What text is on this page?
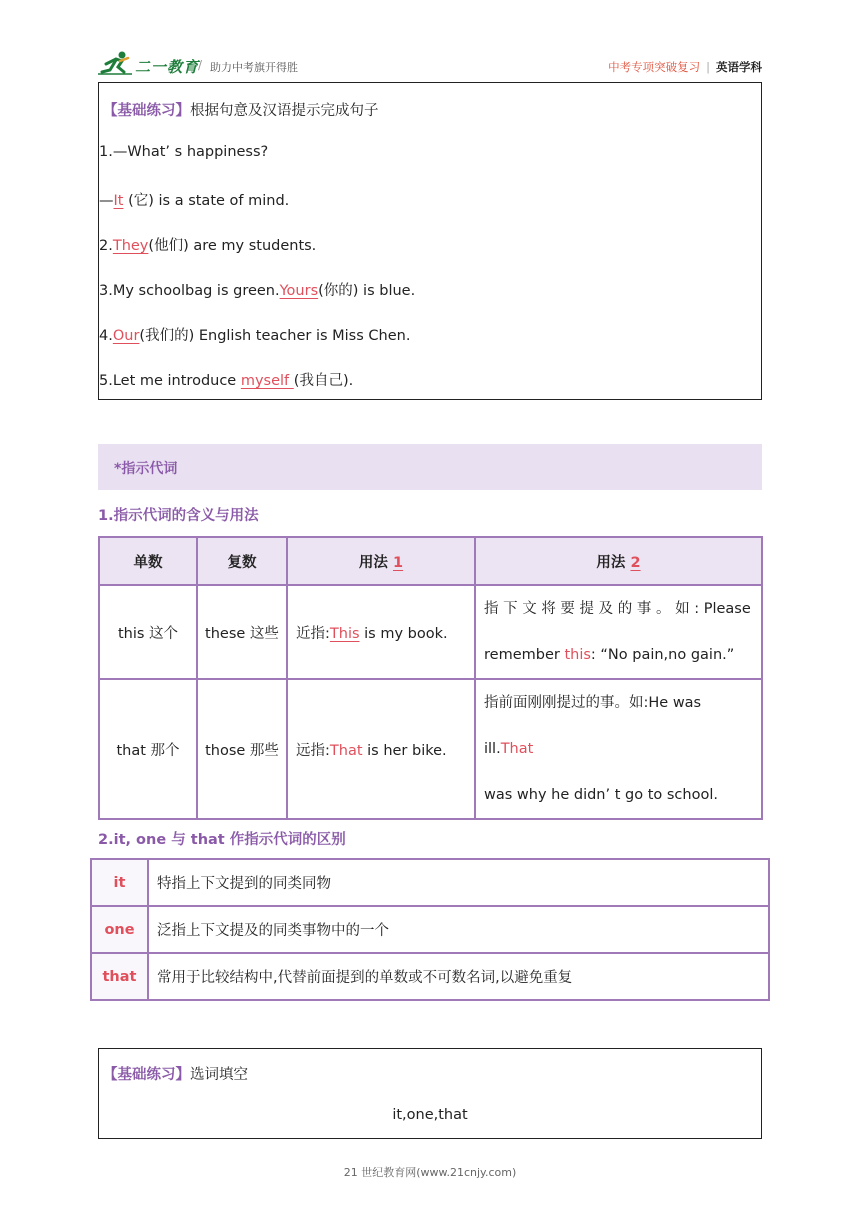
二一教育
/ 助力中考旗开得胜	中考专项突破复习 | 英语学科
【基础练习】根据句意及汉语提示完成句子
1.—What’ s happiness?
—It (它) is a state of mind.
2.They(他们) are my students.
3.My schoolbag is green.Yours(你的) is blue.
4.Our(我们的) English teacher is Miss Chen.
5.Let me introduce myself (我自己).
*指示代词
1.指示代词的含义与用法
单数	复数	用法 1	用法 2
this 这个	these 这些	近指:This is my book.	指 下 文 将 要 提 及 的 事 。 如 : Please
remember this: “No pain,no gain.”

that 那个	those 那些	远指:That is her bike.	指前面刚刚提过的事。如:He was ill.That
was why he didn’ t go to school.
2.it, one 与 that 作指示代词的区别
it	特指上下文提到的同类同物
one	泛指上下文提及的同类事物中的一个
that	常用于比较结构中,代替前面提到的单数或不可数名词,以避免重复
【基础练习】选词填空
it,one,that
21 世纪教育网(www.21cnjy.com)
